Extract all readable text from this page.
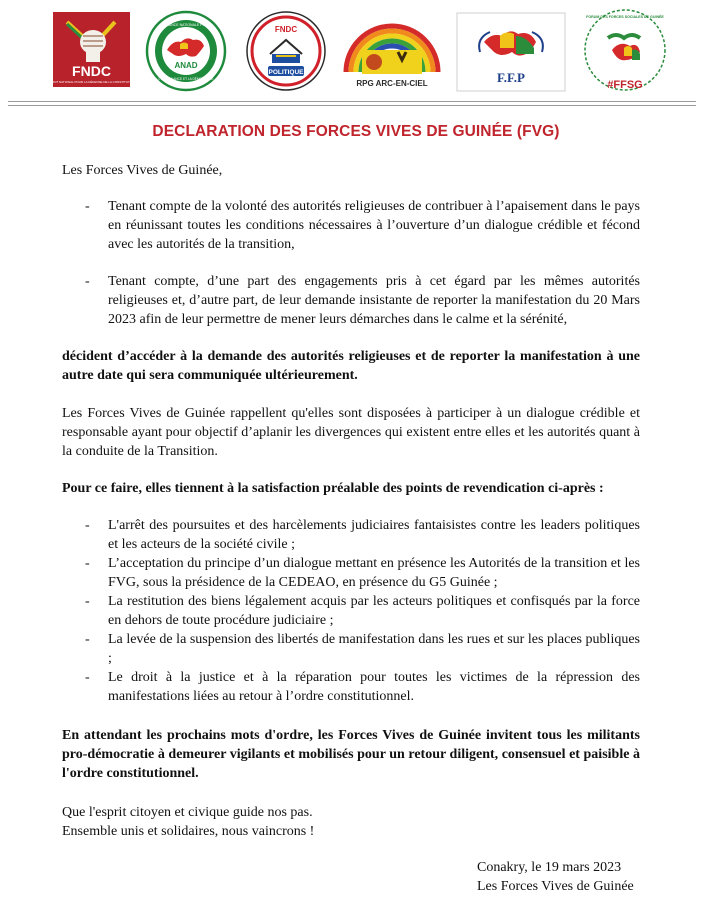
FNDC
FRONT NATIONAL POUR LA DÉFENSE DE LA CONSTITUTION
ANAD
ALLIANCE NATIONALE POUR
L'ALTERNANCE ET LA DÉMOCRATIE
FNDC
POLITIQUE
RPG ARC-EN-CIEL	F.F.P
FORUM DES FORCES SOCIALES DE GUINÉE
#FFSG
DECLARATION DES FORCES VIVES DE GUINÉE (FVG)

Les Forces Vives de Guinée,

- Tenant compte de la volonté des autorités religieuses de contribuer à l’apaisement dans le pays en réunissant toutes les conditions nécessaires à l’ouverture d’un dialogue crédible et fécond avec les autorités de la transition,
- Tenant compte, d’une part des engagements pris à cet égard par les mêmes autorités religieuses et, d’autre part, de leur demande insistante de reporter la manifestation du 20 Mars 2023 afin de leur permettre de mener leurs démarches dans le calme et la sérénité,

décident d’accéder à la demande des autorités religieuses et de reporter la manifestation à une autre date qui sera communiquée ultérieurement.

Les Forces Vives de Guinée rappellent qu'elles sont disposées à participer à un dialogue crédible et responsable ayant pour objectif d’aplanir les divergences qui existent entre elles et les autorités quant à la conduite de la Transition.

Pour ce faire, elles tiennent à la satisfaction préalable des points de revendication ci-après :

- L'arrêt des poursuites et des harcèlements judiciaires fantaisistes contre les leaders politiques et les acteurs de la société civile ;
- L’acceptation du principe d’un dialogue mettant en présence les Autorités de la transition et les FVG, sous la présidence de la CEDEAO, en présence du G5 Guinée ;
- La restitution des biens légalement acquis par les acteurs politiques et confisqués par la force en dehors de toute procédure judiciaire ;
- La levée de la suspension des libertés de manifestation dans les rues et sur les places publiques ;
- Le droit à la justice et à la réparation pour toutes les victimes de la répression des manifestations liées au retour à l’ordre constitutionnel.

En attendant les prochains mots d'ordre, les Forces Vives de Guinée invitent tous les militants pro-démocratie à demeurer vigilants et mobilisés pour un retour diligent, consensuel et paisible à l'ordre constitutionnel.

Que l'esprit citoyen et civique guide nos pas.

Ensemble unis et solidaires, nous vaincrons !

Conakry, le 19 mars 2023
Les Forces Vives de Guinée
